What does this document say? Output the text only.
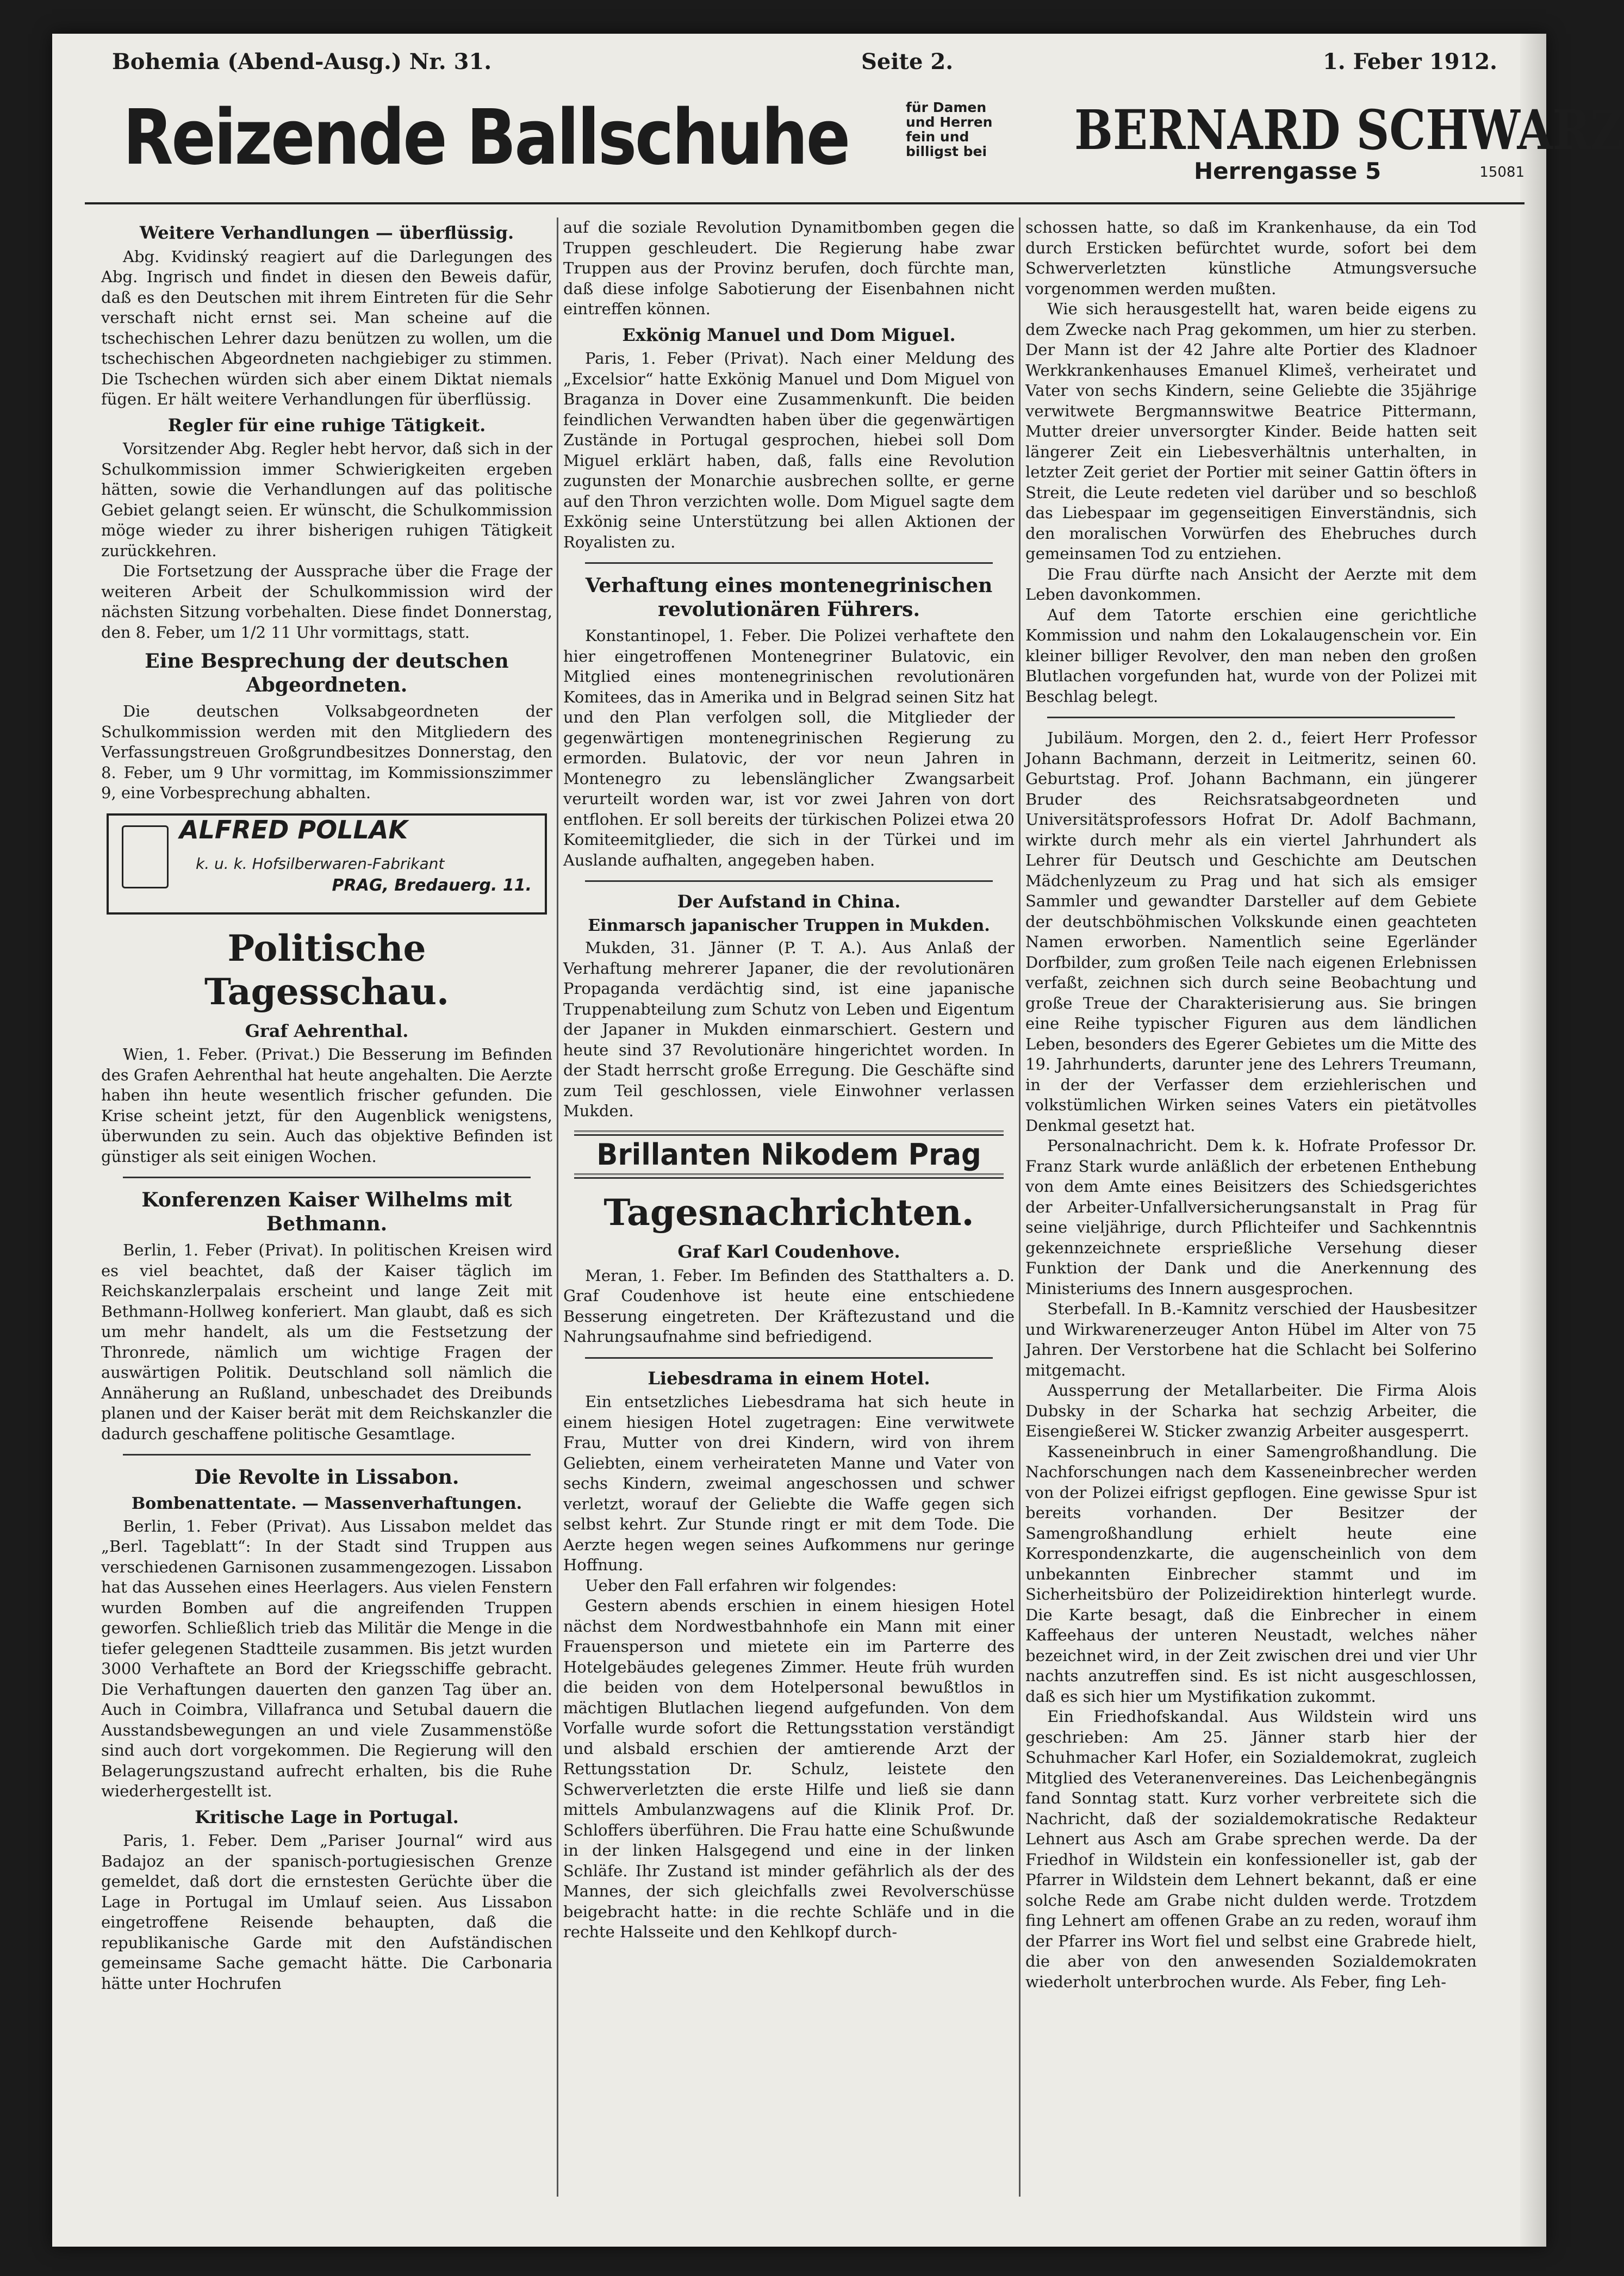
Bohemia (Abend-Ausg.) Nr. 31.	Seite 2.	1. Feber 1912.
Reizende Ballschuhe	für Damen und Herren fein und billigst bei	BERNARD SCHWARZ
Herrengasse 5	15081
Weitere Verhandlungen — überflüssig.

Abg. Kvidinský reagiert auf die Darlegungen des Abg. Ingrisch und findet in diesen den Beweis dafür, daß es den Deutschen mit ihrem Eintreten für die Sehr verschaft nicht ernst sei. Man scheine auf die tschechischen Lehrer dazu benützen zu wollen, um die tschechischen Abgeordneten nachgiebiger zu stimmen. Die Tschechen würden sich aber einem Diktat niemals fügen. Er hält weitere Verhandlungen für überflüssig.

Regler für eine ruhige Tätigkeit.

Vorsitzender Abg. Regler hebt hervor, daß sich in der Schulkommission immer Schwierigkeiten ergeben hätten, sowie die Verhandlungen auf das politische Gebiet gelangt seien. Er wünscht, die Schulkommission möge wieder zu ihrer bisherigen ruhigen Tätigkeit zurückkehren.

Die Fortsetzung der Aussprache über die Frage der weiteren Arbeit der Schulkommission wird der nächsten Sitzung vorbehalten. Diese findet Donnerstag, den 8. Feber, um 1/2 11 Uhr vormittags, statt.

Eine Besprechung der deutschen Abgeordneten.

Die deutschen Volksabgeordneten der Schulkommission werden mit den Mitgliedern des Verfassungstreuen Großgrundbesitzes Donnerstag, den 8. Feber, um 9 Uhr vormittag, im Kommissionszimmer 9, eine Vorbesprechung abhalten.

ALFRED POLLAK
k. u. k. Hofsilberwaren-Fabrikant
PRAG, Bredauerg. 11.
Politische Tagesschau.
Graf Aehrenthal.

Wien, 1. Feber. (Privat.) Die Besserung im Befinden des Grafen Aehrenthal hat heute angehalten. Die Aerzte haben ihn heute wesentlich frischer gefunden. Die Krise scheint jetzt, für den Augenblick wenigstens, überwunden zu sein. Auch das objektive Befinden ist günstiger als seit einigen Wochen.

Konferenzen Kaiser Wilhelms mit Bethmann.

Berlin, 1. Feber (Privat). In politischen Kreisen wird es viel beachtet, daß der Kaiser täglich im Reichskanzlerpalais erscheint und lange Zeit mit Bethmann-Hollweg konferiert. Man glaubt, daß es sich um mehr handelt, als um die Festsetzung der Thronrede, nämlich um wichtige Fragen der auswärtigen Politik. Deutschland soll nämlich die Annäherung an Rußland, unbeschadet des Dreibunds planen und der Kaiser berät mit dem Reichskanzler die dadurch geschaffene politische Gesamtlage.

Die Revolte in Lissabon.
Bombenattentate. — Massenverhaftungen.

Berlin, 1. Feber (Privat). Aus Lissabon meldet das „Berl. Tageblatt“: In der Stadt sind Truppen aus verschiedenen Garnisonen zusammengezogen. Lissabon hat das Aussehen eines Heerlagers. Aus vielen Fenstern wurden Bomben auf die angreifenden Truppen geworfen. Schließlich trieb das Militär die Menge in die tiefer gelegenen Stadtteile zusammen. Bis jetzt wurden 3000 Verhaftete an Bord der Kriegsschiffe gebracht. Die Verhaftungen dauerten den ganzen Tag über an. Auch in Coimbra, Villafranca und Setubal dauern die Ausstandsbewegungen an und viele Zusammenstöße sind auch dort vorgekommen. Die Regierung will den Belagerungszustand aufrecht erhalten, bis die Ruhe wiederhergestellt ist.

Kritische Lage in Portugal.

Paris, 1. Feber. Dem „Pariser Journal“ wird aus Badajoz an der spanisch-portugiesischen Grenze gemeldet, daß dort die ernstesten Gerüchte über die Lage in Portugal im Umlauf seien. Aus Lissabon eingetroffene Reisende behaupten, daß die republikanische Garde mit den Aufständischen gemeinsame Sache gemacht hätte. Die Carbonaria hätte unter Hochrufen

auf die soziale Revolution Dynamitbomben gegen die Truppen geschleudert. Die Regierung habe zwar Truppen aus der Provinz berufen, doch fürchte man, daß diese infolge Sabotierung der Eisenbahnen nicht eintreffen können.

Exkönig Manuel und Dom Miguel.

Paris, 1. Feber (Privat). Nach einer Meldung des „Excelsior“ hatte Exkönig Manuel und Dom Miguel von Braganza in Dover eine Zusammenkunft. Die beiden feindlichen Verwandten haben über die gegenwärtigen Zustände in Portugal gesprochen, hiebei soll Dom Miguel erklärt haben, daß, falls eine Revolution zugunsten der Monarchie ausbrechen sollte, er gerne auf den Thron verzichten wolle. Dom Miguel sagte dem Exkönig seine Unterstützung bei allen Aktionen der Royalisten zu.

Verhaftung eines montenegrinischen revolutionären Führers.

Konstantinopel, 1. Feber. Die Polizei verhaftete den hier eingetroffenen Montenegriner Bulatovic, ein Mitglied eines montenegrinischen revolutionären Komitees, das in Amerika und in Belgrad seinen Sitz hat und den Plan verfolgen soll, die Mitglieder der gegenwärtigen montenegrinischen Regierung zu ermorden. Bulatovic, der vor neun Jahren in Montenegro zu lebenslänglicher Zwangsarbeit verurteilt worden war, ist vor zwei Jahren von dort entflohen. Er soll bereits der türkischen Polizei etwa 20 Komiteemitglieder, die sich in der Türkei und im Auslande aufhalten, angegeben haben.

Der Aufstand in China.
Einmarsch japanischer Truppen in Mukden.

Mukden, 31. Jänner (P. T. A.). Aus Anlaß der Verhaftung mehrerer Japaner, die der revolutionären Propaganda verdächtig sind, ist eine japanische Truppenabteilung zum Schutz von Leben und Eigentum der Japaner in Mukden einmarschiert. Gestern und heute sind 37 Revolutionäre hingerichtet worden. In der Stadt herrscht große Erregung. Die Geschäfte sind zum Teil geschlossen, viele Einwohner verlassen Mukden.

Brillanten Nikodem Prag
Tagesnachrichten.
Graf Karl Coudenhove.

Meran, 1. Feber. Im Befinden des Statthalters a. D. Graf Coudenhove ist heute eine entschiedene Besserung eingetreten. Der Kräftezustand und die Nahrungsaufnahme sind befriedigend.

Liebesdrama in einem Hotel.

Ein entsetzliches Liebesdrama hat sich heute in einem hiesigen Hotel zugetragen: Eine verwitwete Frau, Mutter von drei Kindern, wird von ihrem Geliebten, einem verheirateten Manne und Vater von sechs Kindern, zweimal angeschossen und schwer verletzt, worauf der Geliebte die Waffe gegen sich selbst kehrt. Zur Stunde ringt er mit dem Tode. Die Aerzte hegen wegen seines Aufkommens nur geringe Hoffnung.

Ueber den Fall erfahren wir folgendes:

Gestern abends erschien in einem hiesigen Hotel nächst dem Nordwestbahnhofe ein Mann mit einer Frauensperson und mietete ein im Parterre des Hotelgebäudes gelegenes Zimmer. Heute früh wurden die beiden von dem Hotelpersonal bewußtlos in mächtigen Blutlachen liegend aufgefunden. Von dem Vorfalle wurde sofort die Rettungsstation verständigt und alsbald erschien der amtierende Arzt der Rettungsstation Dr. Schulz, leistete den Schwerverletzten die erste Hilfe und ließ sie dann mittels Ambulanzwagens auf die Klinik Prof. Dr. Schloffers überführen. Die Frau hatte eine Schußwunde in der linken Halsgegend und eine in der linken Schläfe. Ihr Zustand ist minder gefährlich als der des Mannes, der sich gleichfalls zwei Revolverschüsse beigebracht hatte: in die rechte Schläfe und in die rechte Halsseite und den Kehlkopf durch-

schossen hatte, so daß im Krankenhause, da ein Tod durch Ersticken befürchtet wurde, sofort bei dem Schwerverletzten künstliche Atmungsversuche vorgenommen werden mußten.

Wie sich herausgestellt hat, waren beide eigens zu dem Zwecke nach Prag gekommen, um hier zu sterben. Der Mann ist der 42 Jahre alte Portier des Kladnoer Werkkrankenhauses Emanuel Klimeš, verheiratet und Vater von sechs Kindern, seine Geliebte die 35jährige verwitwete Bergmannswitwe Beatrice Pittermann, Mutter dreier unversorgter Kinder. Beide hatten seit längerer Zeit ein Liebesverhältnis unterhalten, in letzter Zeit geriet der Portier mit seiner Gattin öfters in Streit, die Leute redeten viel darüber und so beschloß das Liebespaar im gegenseitigen Einverständnis, sich den moralischen Vorwürfen des Ehebruches durch gemeinsamen Tod zu entziehen.

Die Frau dürfte nach Ansicht der Aerzte mit dem Leben davonkommen.

Auf dem Tatorte erschien eine gerichtliche Kommission und nahm den Lokalaugenschein vor. Ein kleiner billiger Revolver, den man neben den großen Blutlachen vorgefunden hat, wurde von der Polizei mit Beschlag belegt.

Jubiläum. Morgen, den 2. d., feiert Herr Professor Johann Bachmann, derzeit in Leitmeritz, seinen 60. Geburtstag. Prof. Johann Bachmann, ein jüngerer Bruder des Reichsratsabgeordneten und Universitätsprofessors Hofrat Dr. Adolf Bachmann, wirkte durch mehr als ein viertel Jahrhundert als Lehrer für Deutsch und Geschichte am Deutschen Mädchenlyzeum zu Prag und hat sich als emsiger Sammler und gewandter Darsteller auf dem Gebiete der deutschböhmischen Volkskunde einen geachteten Namen erworben. Namentlich seine Egerländer Dorfbilder, zum großen Teile nach eigenen Erlebnissen verfaßt, zeichnen sich durch seine Beobachtung und große Treue der Charakterisierung aus. Sie bringen eine Reihe typischer Figuren aus dem ländlichen Leben, besonders des Egerer Gebietes um die Mitte des 19. Jahrhunderts, darunter jene des Lehrers Treumann, in der der Verfasser dem erziehlerischen und volkstümlichen Wirken seines Vaters ein pietätvolles Denkmal gesetzt hat.

Personalnachricht. Dem k. k. Hofrate Professor Dr. Franz Stark wurde anläßlich der erbetenen Enthebung von dem Amte eines Beisitzers des Schiedsgerichtes der Arbeiter-Unfallversicherungsanstalt in Prag für seine vieljährige, durch Pflichteifer und Sachkenntnis gekennzeichnete ersprießliche Versehung dieser Funktion der Dank und die Anerkennung des Ministeriums des Innern ausgesprochen.

Sterbefall. In B.-Kamnitz verschied der Hausbesitzer und Wirkwarenerzeuger Anton Hübel im Alter von 75 Jahren. Der Verstorbene hat die Schlacht bei Solferino mitgemacht.

Aussperrung der Metallarbeiter. Die Firma Alois Dubsky in der Scharka hat sechzig Arbeiter, die Eisengießerei W. Sticker zwanzig Arbeiter ausgesperrt.

Kasseneinbruch in einer Samengroßhandlung. Die Nachforschungen nach dem Kasseneinbrecher werden von der Polizei eifrigst gepflogen. Eine gewisse Spur ist bereits vorhanden. Der Besitzer der Samengroßhandlung erhielt heute eine Korrespondenzkarte, die augenscheinlich von dem unbekannten Einbrecher stammt und im Sicherheitsbüro der Polizeidirektion hinterlegt wurde. Die Karte besagt, daß die Einbrecher in einem Kaffeehaus der unteren Neustadt, welches näher bezeichnet wird, in der Zeit zwischen drei und vier Uhr nachts anzutreffen sind. Es ist nicht ausgeschlossen, daß es sich hier um Mystifikation zukommt.

Ein Friedhofskandal. Aus Wildstein wird uns geschrieben: Am 25. Jänner starb hier der Schuhmacher Karl Hofer, ein Sozialdemokrat, zugleich Mitglied des Veteranenvereines. Das Leichenbegängnis fand Sonntag statt. Kurz vorher verbreitete sich die Nachricht, daß der sozialdemokratische Redakteur Lehnert aus Asch am Grabe sprechen werde. Da der Friedhof in Wildstein ein konfessioneller ist, gab der Pfarrer in Wildstein dem Lehnert bekannt, daß er eine solche Rede am Grabe nicht dulden werde. Trotzdem fing Lehnert am offenen Grabe an zu reden, worauf ihm der Pfarrer ins Wort fiel und selbst eine Grabrede hielt, die aber von den anwesenden Sozialdemokraten wiederholt unterbrochen wurde. Als Feber, fing Leh-
